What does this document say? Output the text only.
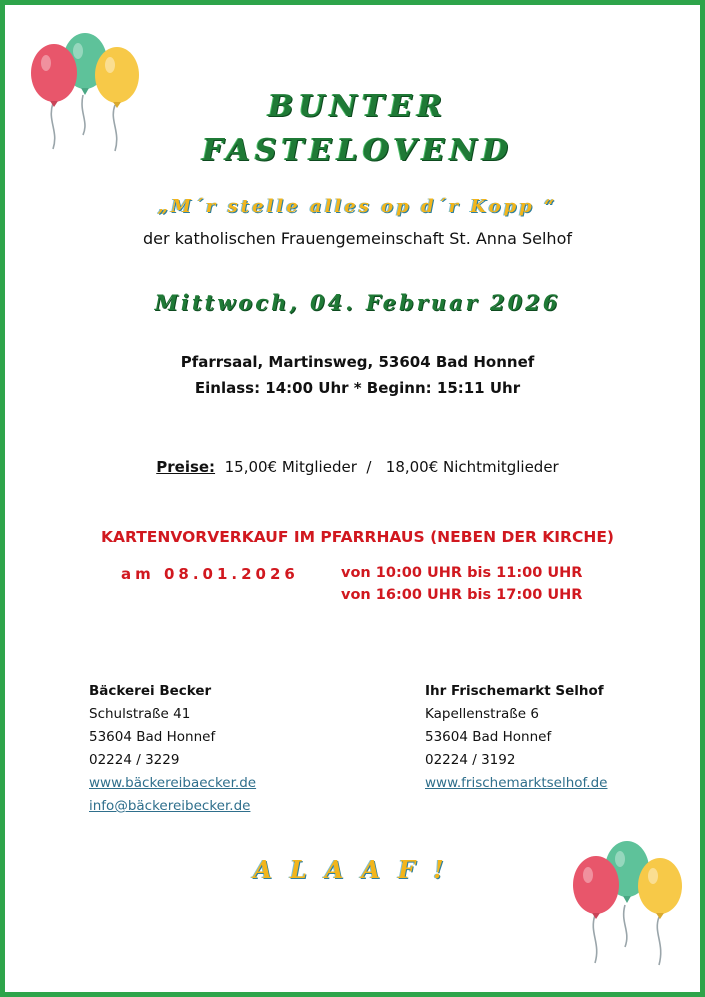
BUNTER
FASTELOVEND
„M´r stelle alles op d´r Kopp “
der katholischen Frauengemeinschaft St. Anna Selhof
Mittwoch, 04. Februar 2026
Pfarrsaal, Martinsweg, 53604 Bad Honnef
Einlass: 14:00 Uhr * Beginn: 15:11 Uhr
Preise: 15,00€ Mitglieder / 18,00€ Nichtmitglieder
KARTENVORVERKAUF IM PFARRHAUS (NEBEN DER KIRCHE)
am 08.01.2026	von 10:00 UHR bis 11:00 UHR
von 16:00 UHR bis 17:00 UHR
Bäckerei Becker
Schulstraße 41
53604 Bad Honnef
02224 / 3229
www.bäckereibaecker.de
info@bäckereibecker.de
Ihr Frischemarkt Selhof
Kapellenstraße 6
53604 Bad Honnef
02224 / 3192
www.frischemarktselhof.de
ALAAF!
